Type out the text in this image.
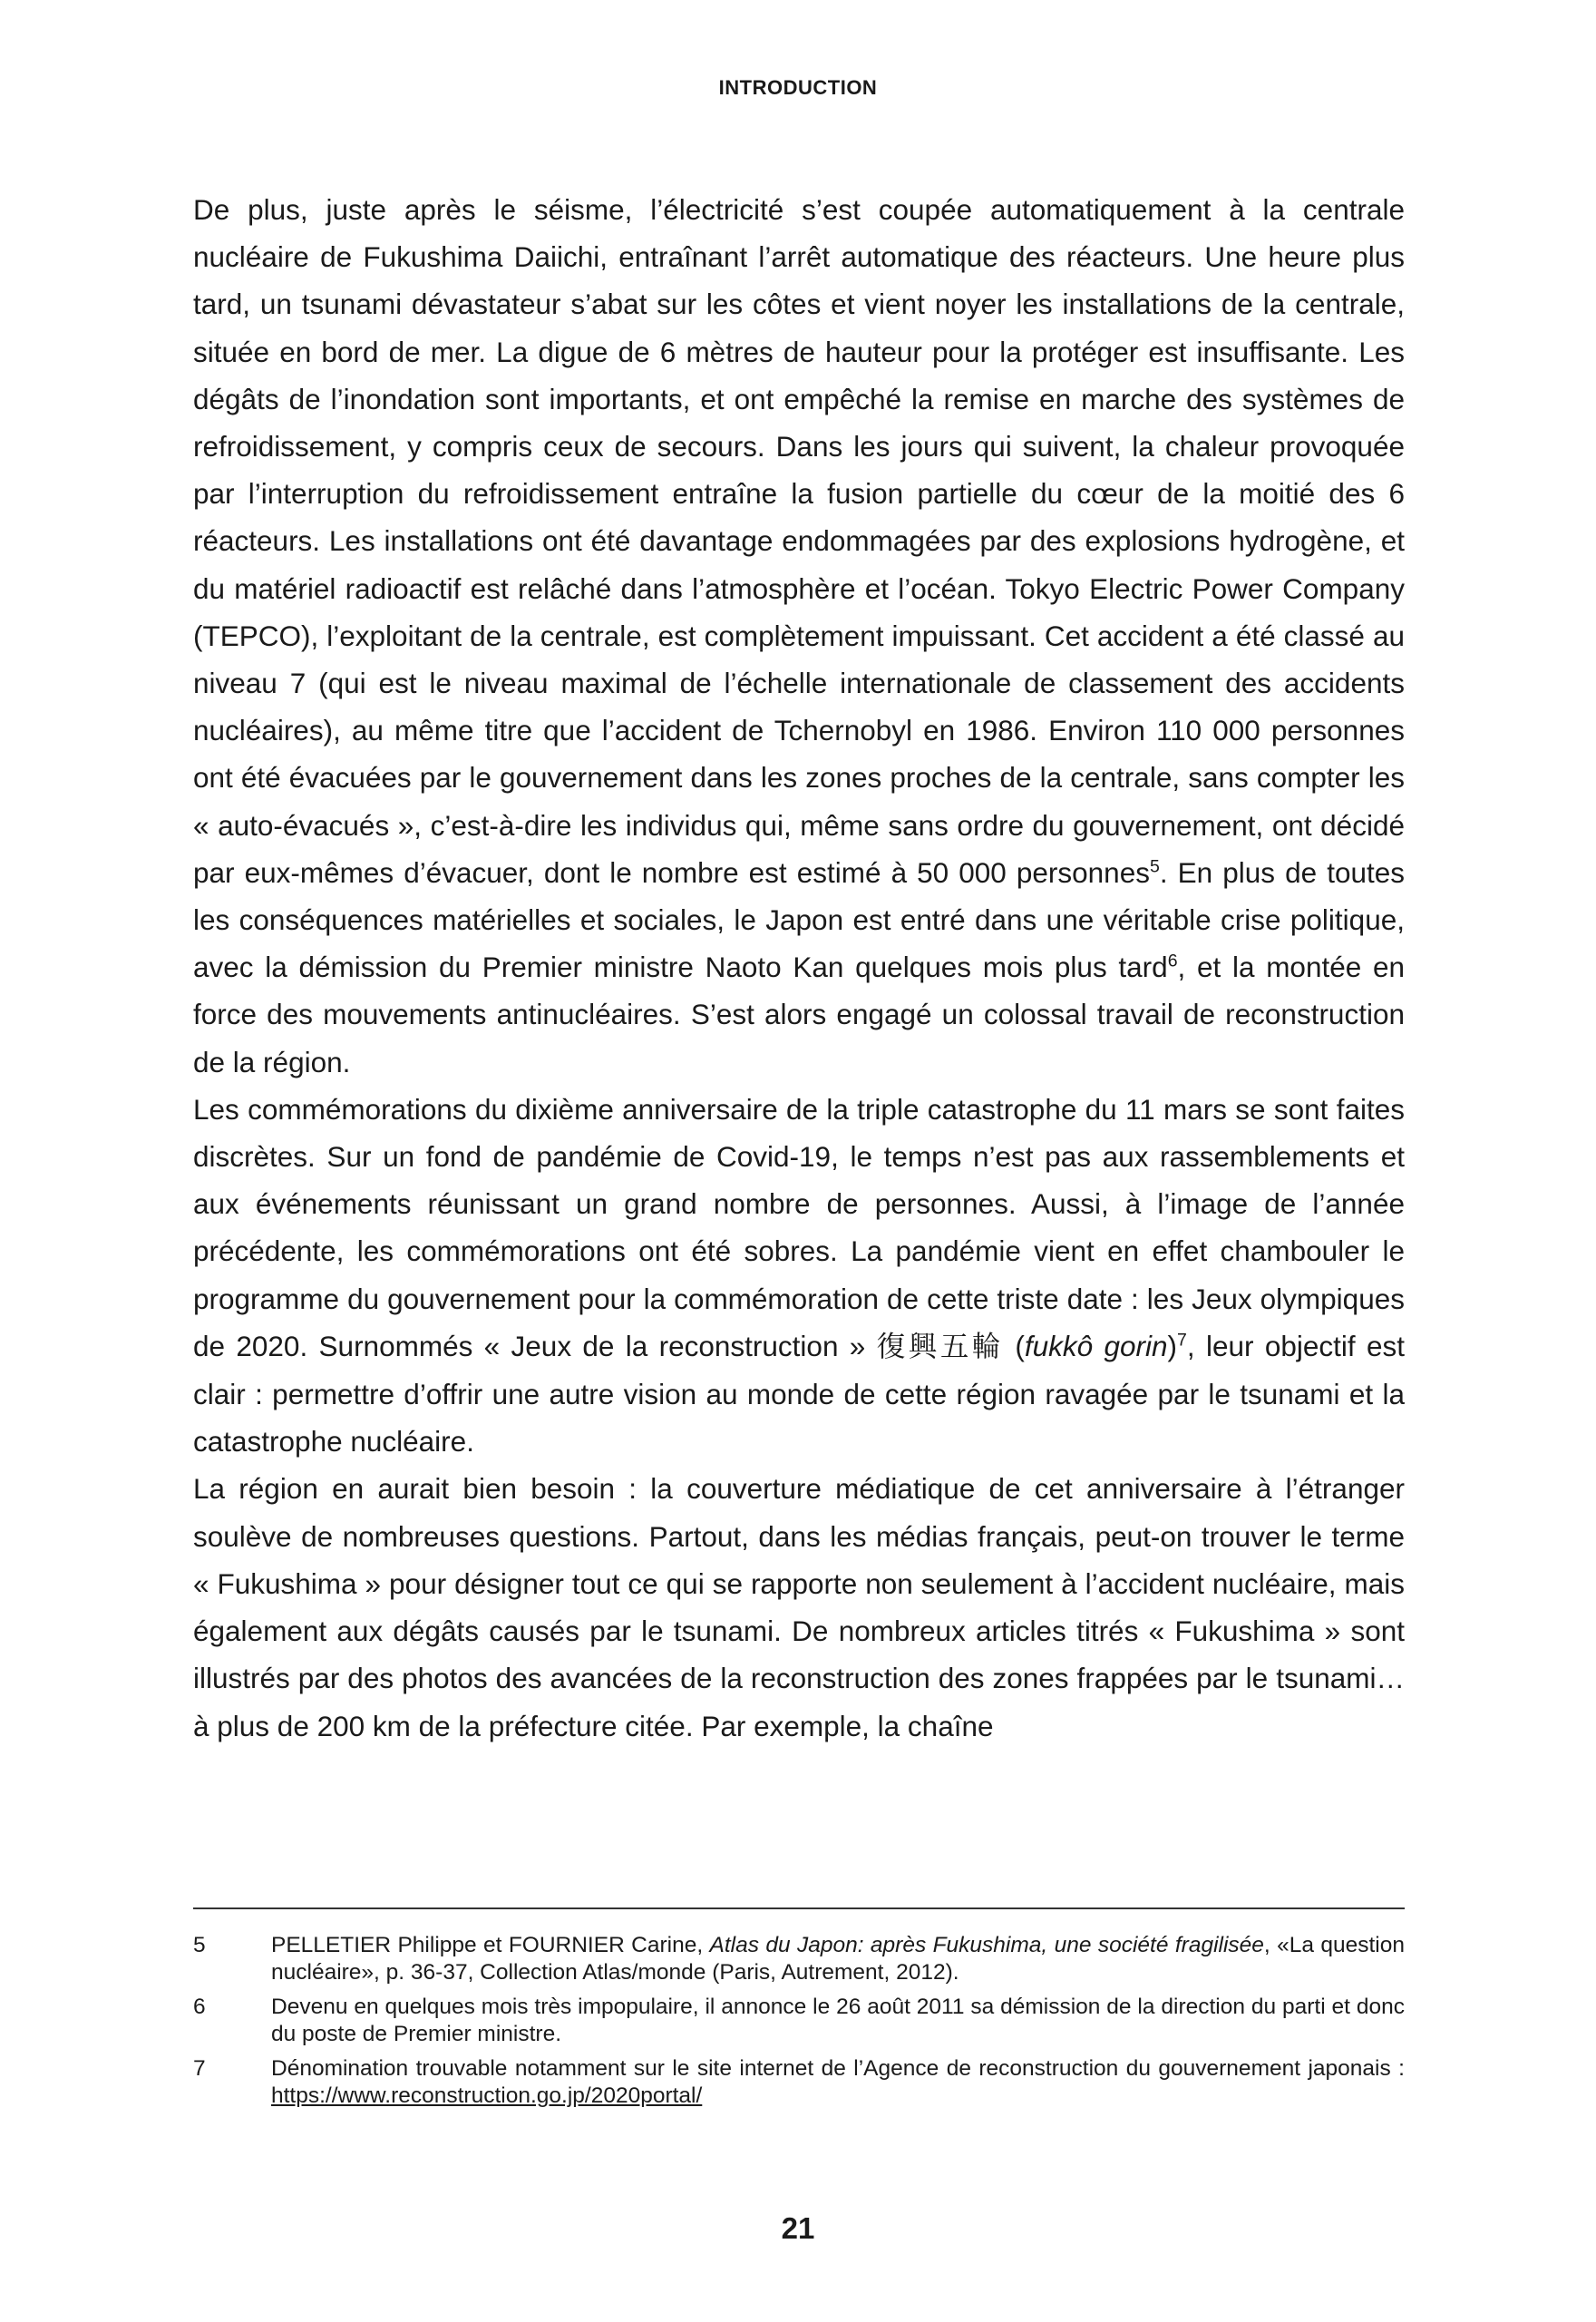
INTRODUCTION

De plus, juste après le séisme, l’électricité s’est coupée automatiquement à la centrale nucléaire de Fukushima Daiichi, entraînant l’arrêt automatique des réacteurs. Une heure plus tard, un tsunami dévastateur s’abat sur les côtes et vient noyer les installations de la centrale, située en bord de mer. La digue de 6 mètres de hauteur pour la protéger est insuffisante. Les dégâts de l’inondation sont importants, et ont empêché la remise en marche des systèmes de refroidissement, y compris ceux de secours. Dans les jours qui suivent, la chaleur provoquée par l’interruption du refroidissement entraîne la fusion partielle du cœur de la moitié des 6 réacteurs. Les installations ont été davantage endommagées par des explosions hydrogène, et du matériel radioactif est relâché dans l’atmosphère et l’océan. Tokyo Electric Power Company (TEPCO), l’exploitant de la centrale, est complètement impuissant. Cet accident a été classé au niveau 7 (qui est le niveau maximal de l’échelle internationale de classement des accidents nucléaires), au même titre que l’accident de Tchernobyl en 1986. Environ 110 000 personnes ont été évacuées par le gouvernement dans les zones proches de la centrale, sans compter les « auto-évacués », c’est-à-dire les individus qui, même sans ordre du gouvernement, ont décidé par eux-mêmes d’évacuer, dont le nombre est estimé à 50 000 personnes$^5$. En plus de toutes les conséquences matérielles et sociales, le Japon est entré dans une véritable crise politique, avec la démission du Premier ministre Naoto Kan quelques mois plus tard$^6$, et la montée en force des mouvements antinucléaires. S’est alors engagé un colossal travail de reconstruction de la région.

Les commémorations du dixième anniversaire de la triple catastrophe du 11 mars se sont faites discrètes. Sur un fond de pandémie de Covid-19, le temps n’est pas aux rassemblements et aux événements réunissant un grand nombre de personnes. Aussi, à l’image de l’année précédente, les commémorations ont été sobres. La pandémie vient en effet chambouler le programme du gouvernement pour la commémoration de cette triste date : les Jeux olympiques de 2020. Surnommés « Jeux de la reconstruction » 復興五輪 (fukkô gorin)$^7$, leur objectif est clair : permettre d’offrir une autre vision au monde de cette région ravagée par le tsunami et la catastrophe nucléaire.

La région en aurait bien besoin : la couverture médiatique de cet anniversaire à l’étranger soulève de nombreuses questions. Partout, dans les médias français, peut-on trouver le terme « Fukushima » pour désigner tout ce qui se rapporte non seulement à l’accident nucléaire, mais également aux dégâts causés par le tsunami. De nombreux articles titrés « Fukushima » sont illustrés par des photos des avancées de la reconstruction des zones frappées par le tsunami… à plus de 200 km de la préfecture citée. Par exemple, la chaîne

5	PELLETIER Philippe et FOURNIER Carine, Atlas du Japon: après Fukushima, une société fragilisée, «La question nucléaire», p. 36-37, Collection Atlas/monde (Paris, Autrement, 2012).
6	Devenu en quelques mois très impopulaire, il annonce le 26 août 2011 sa démission de la direction du parti et donc du poste de Premier ministre.
7	Dénomination trouvable notamment sur le site internet de l’Agence de reconstruction du gouvernement japonais : https://www.reconstruction.go.jp/2020portal/
21
